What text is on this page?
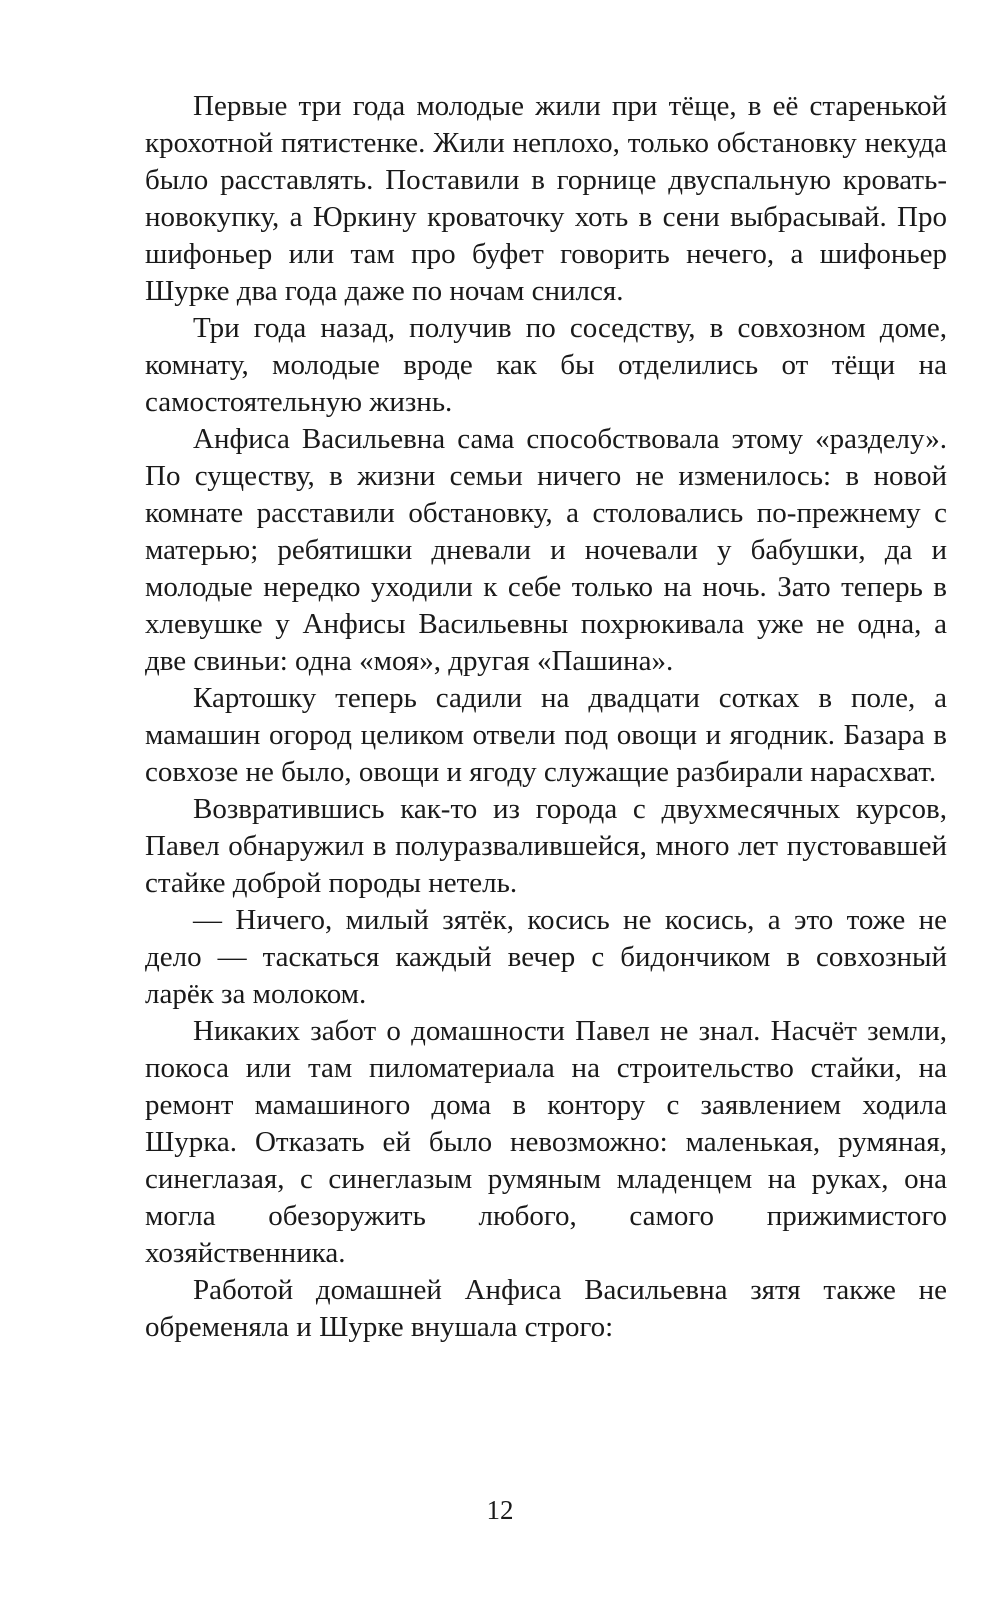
Первые три года молодые жили при тёще, в её старенькой крохотной пятистенке. Жили неплохо, только обстановку некуда было расставлять. Поставили в горнице двуспальную кровать-новокупку, а Юркину кроваточку хоть в сени выбрасывай. Про шифоньер или там про буфет говорить нечего, а шифоньер Шурке два года даже по ночам снился.

Три года назад, получив по соседству, в совхозном доме, комнату, молодые вроде как бы отделились от тёщи на самостоятельную жизнь.

Анфиса Васильевна сама способствовала этому «разделу». По существу, в жизни семьи ничего не изменилось: в новой комнате расставили обстановку, а столовались по-прежнему с матерью; ребятишки дневали и ночевали у бабушки, да и молодые нередко уходили к себе только на ночь. Зато теперь в хлевушке у Анфисы Васильевны похрюкивала уже не одна, а две свиньи: одна «моя», другая «Пашина».

Картошку теперь садили на двадцати сотках в поле, а мамашин огород целиком отвели под овощи и ягодник. Базара в совхозе не было, овощи и ягоду служащие разбирали нарасхват.

Возвратившись как-то из города с двухмесячных курсов, Павел обнаружил в полуразвалившейся, много лет пустовавшей стайке доброй породы нетель.

— Ничего, милый зятёк, косись не косись, а это тоже не дело — таскаться каждый вечер с бидончиком в совхозный ларёк за молоком.

Никаких забот о домашности Павел не знал. Насчёт земли, покоса или там пиломатериала на строительство стайки, на ремонт мамашиного дома в контору с заявлением ходила Шурка. Отказать ей было невозможно: маленькая, румяная, синеглазая, с синеглазым румяным младенцем на руках, она могла обезоружить любого, самого прижимистого хозяйственника.

Работой домашней Анфиса Васильевна зятя также не обременяла и Шурке внушала строго:

12
